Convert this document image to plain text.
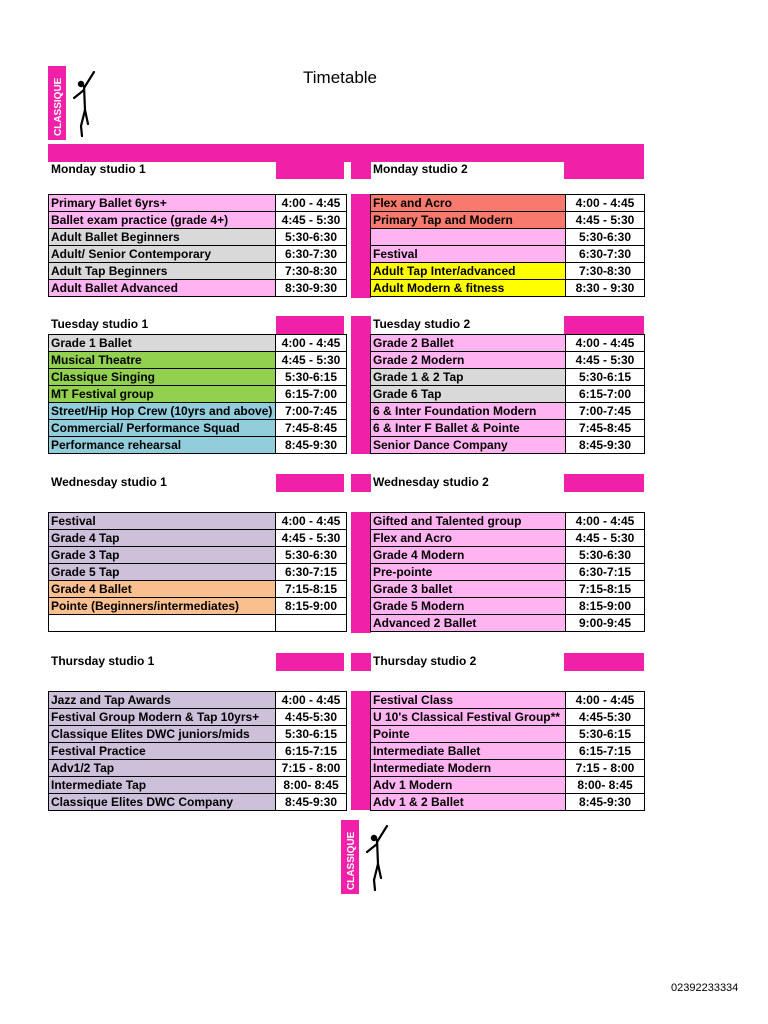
CLASSIQUE
Timetable
Monday studio 1
Primary Ballet 6yrs+	4:00 - 4:45
Ballet exam practice (grade 4+)	4:45 - 5:30
Adult Ballet Beginners	5:30-6:30
Adult/ Senior Contemporary	6:30-7:30
Adult Tap Beginners	7:30-8:30
Adult Ballet Advanced	8:30-9:30
Tuesday studio 1
Grade 1 Ballet	4:00 - 4:45
Musical Theatre	4:45 - 5:30
Classique Singing	5:30-6:15
MT Festival group	6:15-7:00
Street/Hip Hop Crew (10yrs and above)	7:00-7:45
Commercial/ Performance Squad	7:45-8:45
Performance rehearsal	8:45-9:30
Wednesday studio 1
Festival	4:00 - 4:45
Grade 4 Tap	4:45 - 5:30
Grade 3 Tap	5:30-6:30
Grade 5 Tap	6:30-7:15
Grade 4 Ballet	7:15-8:15
Pointe (Beginners/intermediates)	8:15-9:00

Thursday studio 1
Jazz and Tap Awards	4:00 - 4:45
Festival Group Modern & Tap 10yrs+	4:45-5:30
Classique Elites DWC juniors/mids	5:30-6:15
Festival Practice	6:15-7:15
Adv1/2 Tap	7:15 - 8:00
Intermediate Tap	8:00- 8:45
Classique Elites DWC Company	8:45-9:30
Monday studio 2
Flex and Acro	4:00 - 4:45
Primary Tap and Modern	4:45 - 5:30
	5:30-6:30
Festival	6:30-7:30
Adult Tap Inter/advanced	7:30-8:30
Adult Modern & fitness	8:30 - 9:30
Tuesday studio 2
Grade 2 Ballet	4:00 - 4:45
Grade 2 Modern	4:45 - 5:30
Grade 1 & 2 Tap	5:30-6:15
Grade 6 Tap	6:15-7:00
6 & Inter Foundation Modern	7:00-7:45
6 & Inter F Ballet & Pointe	7:45-8:45
Senior Dance Company	8:45-9:30
Wednesday studio 2
Gifted and Talented group	4:00 - 4:45
Flex and Acro	4:45 - 5:30
Grade 4 Modern	5:30-6:30
Pre-pointe	6:30-7:15
Grade 3 ballet	7:15-8:15
Grade 5 Modern	8:15-9:00
Advanced 2 Ballet	9:00-9:45
Thursday studio 2
Festival Class	4:00 - 4:45
U 10's Classical Festival Group**	4:45-5:30
Pointe	5:30-6:15
Intermediate Ballet	6:15-7:15
Intermediate Modern	7:15 - 8:00
Adv 1 Modern	8:00- 8:45
Adv 1 & 2 Ballet	8:45-9:30
CLASSIQUE
02392233334
